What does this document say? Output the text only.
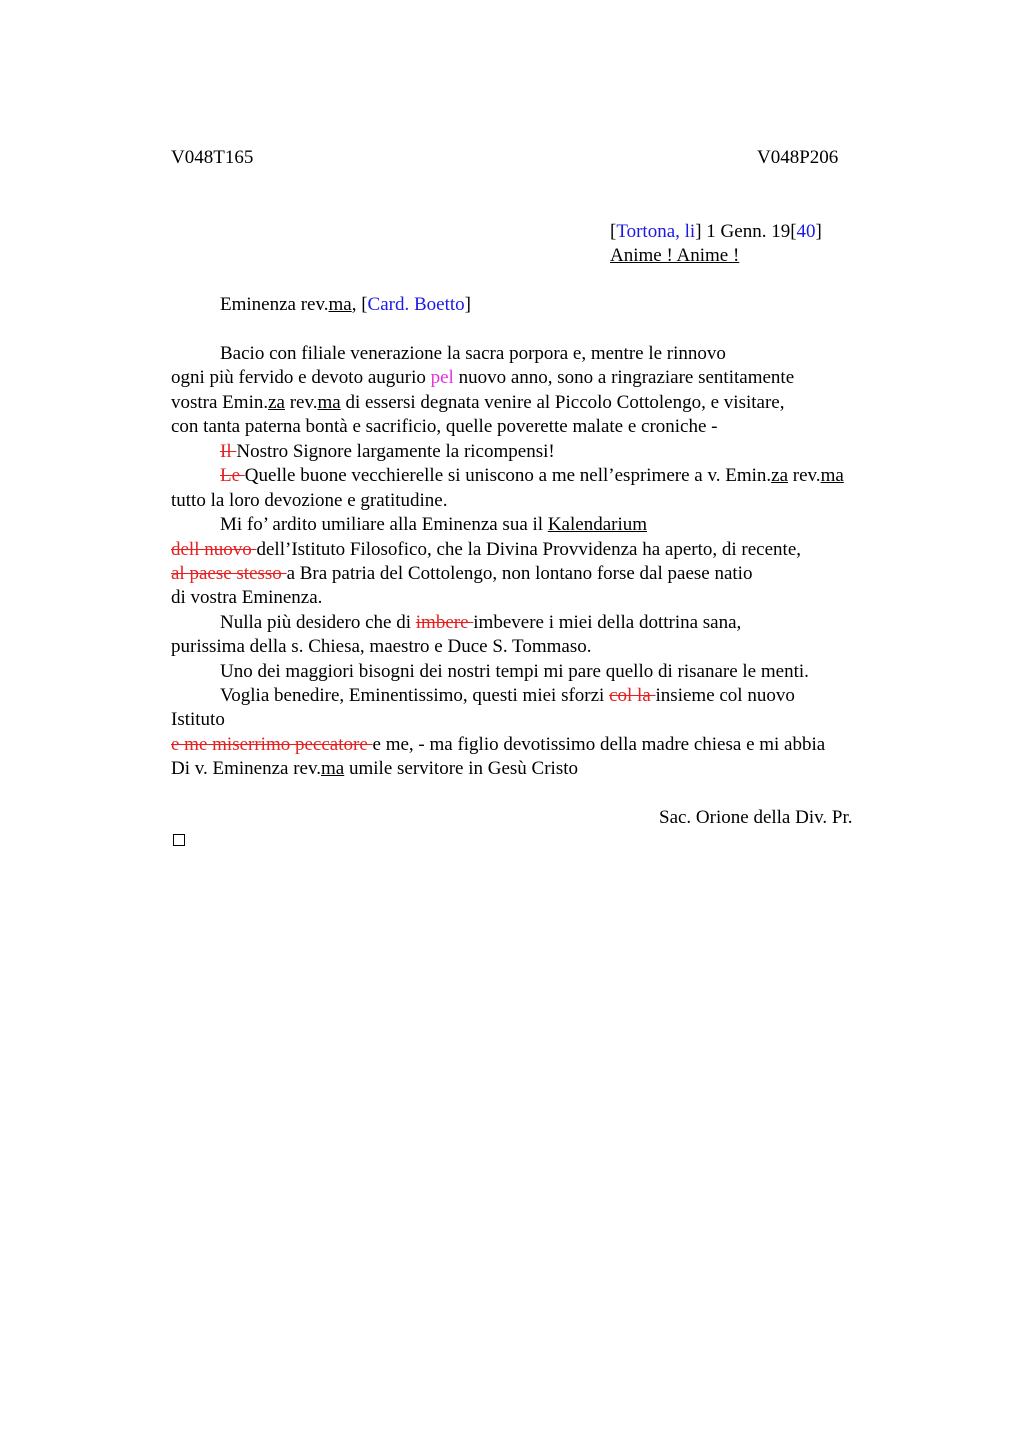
V048T165	V048P206
[Tortona, li] 1 Genn. 19[40]
Anime ! Anime !
Eminenza rev.ma, [Card. Boetto]
Bacio con filiale venerazione la sacra porpora e, mentre le rinnovo
ogni più fervido e devoto augurio pel nuovo anno, sono a ringraziare sentitamente
vostra Emin.za rev.ma di essersi degnata venire al Piccolo Cottolengo, e visitare,
con tanta paterna bontà e sacrificio, quelle poverette malate e croniche -
Il Nostro Signore largamente la ricompensi!
Le Quelle buone vecchierelle si uniscono a me nell’esprimere a v. Emin.za rev.ma
tutto la loro devozione e gratitudine.
Mi fo’ ardito umiliare alla Eminenza sua il Kalendarium
dell nuovo dell’Istituto Filosofico, che la Divina Provvidenza ha aperto, di recente,
al paese stesso a Bra patria del Cottolengo, non lontano forse dal paese natio
di vostra Eminenza.
Nulla più desidero che di imbere imbevere i miei della dottrina sana,
purissima della s. Chiesa, maestro e Duce S. Tommaso.
Uno dei maggiori bisogni dei nostri tempi mi pare quello di risanare le menti.
Voglia benedire, Eminentissimo, questi miei sforzi col la insieme col nuovo
Istituto
e me miserrimo peccatore e me, - ma figlio devotissimo della madre chiesa e mi abbia
Di v. Eminenza rev.ma umile servitore in Gesù Cristo
Sac. Orione della Div. Pr.
